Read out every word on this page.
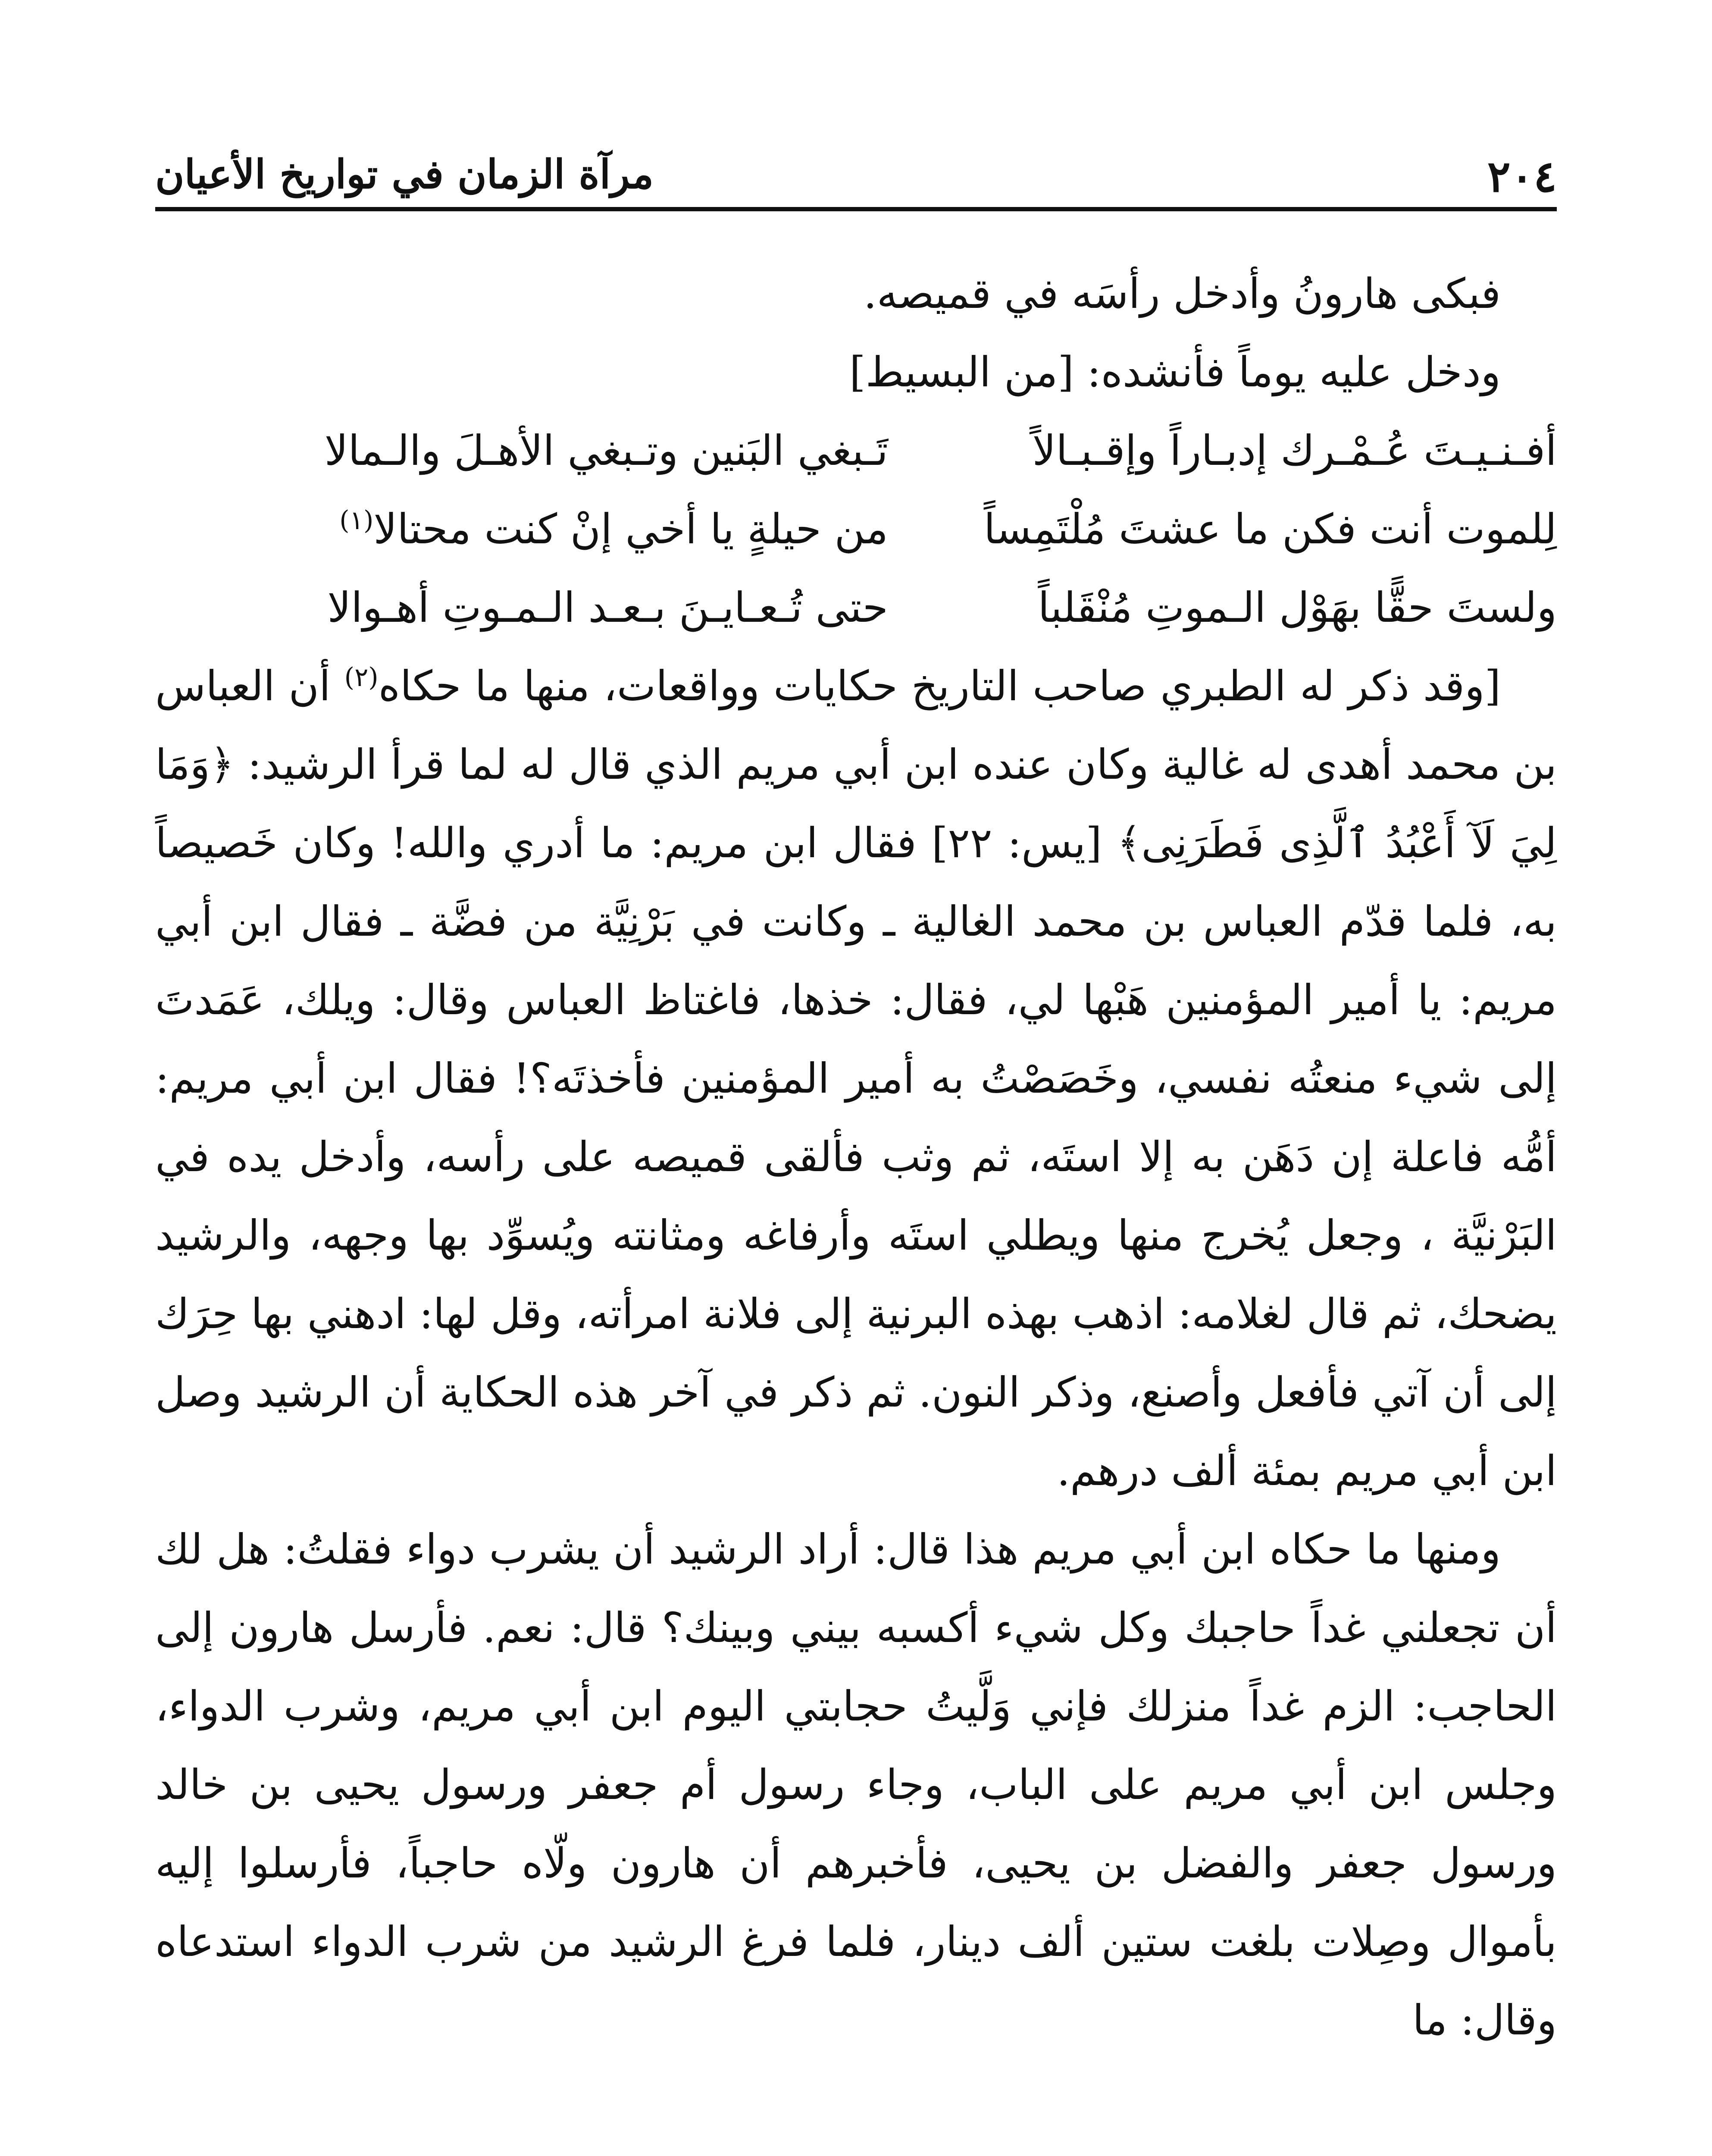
٢٠٤
مرآة الزمان في تواريخ الأعيان

فبكى هارونُ وأدخل رأسَه في قميصه.

ودخل عليه يوماً فأنشده: [من البسيط]

أفـنـيـتَ عُـمْـرك إدبـاراً وإقـبـالاً
تَـبغي البَنين وتـبغي الأهـلَ والـمالا
لِلموت أنت فكن ما عشتَ مُلْتَمِساً
من حيلةٍ يا أخي إنْ كنت محتالا$^{(١)}$
ولستَ حقًّا بهَوْل الـموتِ مُنْقَلباً
حتى تُـعـايـنَ بـعـد الـمـوتِ أهـوالا

[وقد ذكر له الطبري صاحب التاريخ حكايات وواقعات، منها ما حكاه$^{(٢)}$ أن العباس بن محمد أهدى له غالية وكان عنده ابن أبي مريم الذي قال له لما قرأ الرشيد: ﴿وَمَا لِيَ لَآ أَعْبُدُ ٱلَّذِى فَطَرَنِى﴾ [يس: ٢٢] فقال ابن مريم: ما أدري والله! وكان خَصيصاً به، فلما قدّم العباس بن محمد الغالية ـ وكانت في بَرْنِيَّة من فضَّة ـ فقال ابن أبي مريم: يا أمير المؤمنين هَبْها لي، فقال: خذها، فاغتاظ العباس وقال: ويلك، عَمَدتَ إلى شيء منعتُه نفسي، وخَصَصْتُ به أمير المؤمنين فأخذتَه؟! فقال ابن أبي مريم: أمُّه فاعلة إن دَهَن به إلا استَه، ثم وثب فألقى قميصه على رأسه، وأدخل يده في البَرْنيَّة ، وجعل يُخرج منها ويطلي استَه وأرفاغه ومثانته ويُسوِّد بها وجهه، والرشيد يضحك، ثم قال لغلامه: اذهب بهذه البرنية إلى فلانة امرأته، وقل لها: ادهني بها حِرَك إلى أن آتي فأفعل وأصنع، وذكر النون. ثم ذكر في آخر هذه الحكاية أن الرشيد وصل ابن أبي مريم بمئة ألف درهم.

ومنها ما حكاه ابن أبي مريم هذا قال: أراد الرشيد أن يشرب دواء فقلتُ: هل لك أن تجعلني غداً حاجبك وكل شيء أكسبه بيني وبينك؟ قال: نعم. فأرسل هارون إلى الحاجب: الزم غداً منزلك فإني وَلَّيتُ حجابتي اليوم ابن أبي مريم، وشرب الدواء، وجلس ابن أبي مريم على الباب، وجاء رسول أم جعفر ورسول يحيى بن خالد ورسول جعفر والفضل بن يحيى، فأخبرهم أن هارون ولّاه حاجباً، فأرسلوا إليه بأموال وصِلات بلغت ستين ألف دينار، فلما فرغ الرشيد من شرب الدواء استدعاه وقال: ما
